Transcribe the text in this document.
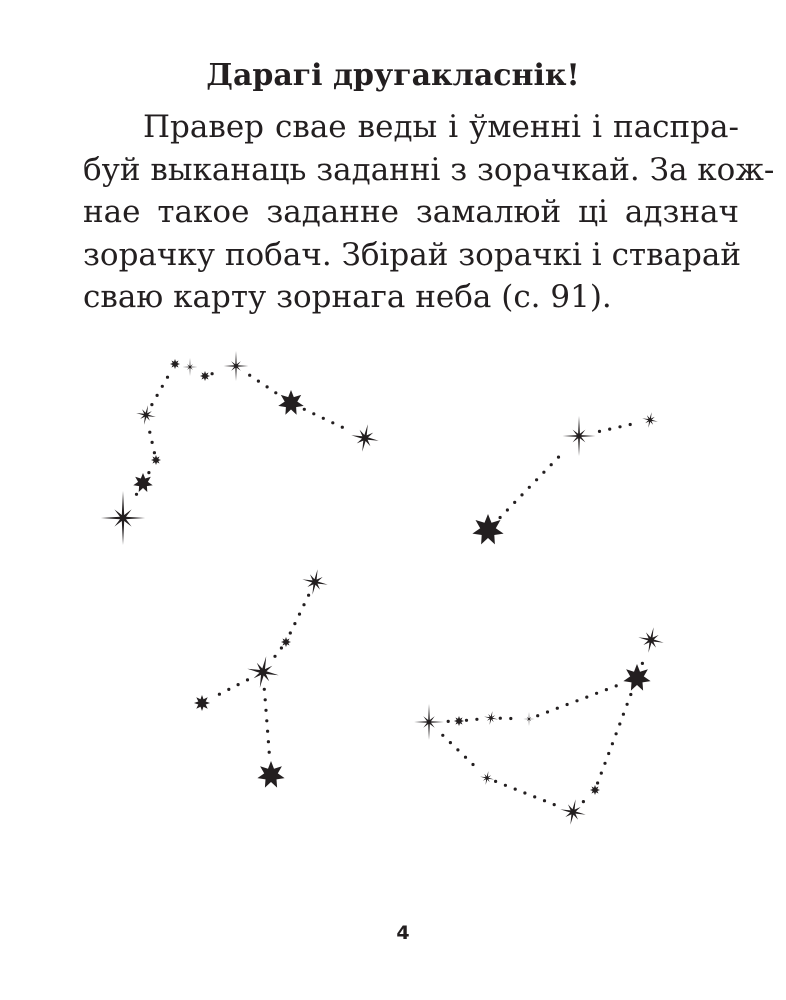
Дарагі другакласнік!
Правер свае веды і ўменні і паспра-
буй выканаць заданні з зорачкай. За кож-
нае такое заданне замалюй ці адзнач
зорачку побач. Збірай зорачкі і стварай
сваю карту зорнага неба (с. 91).
4
